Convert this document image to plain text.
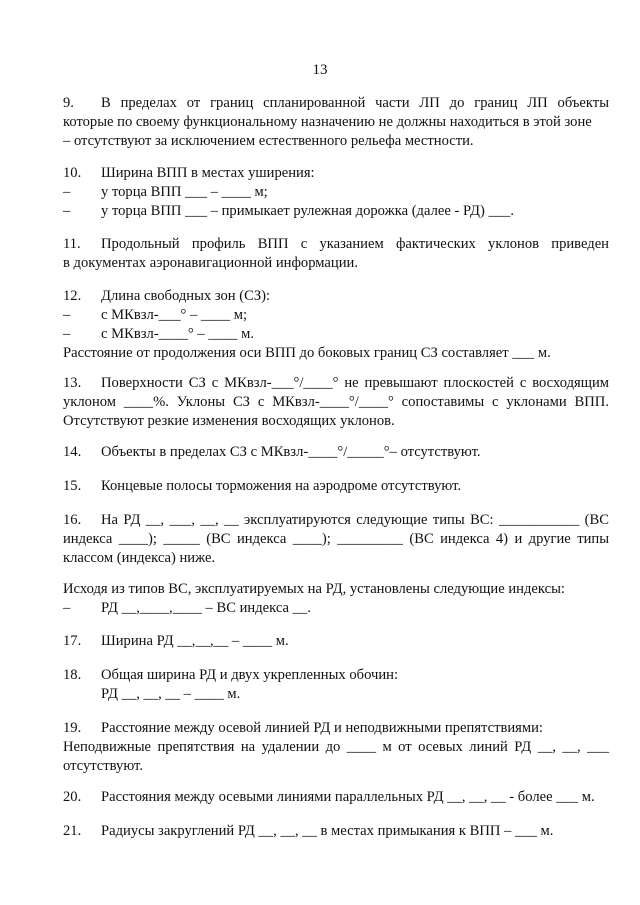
13
9. В пределах от границ спланированной части ЛП до границ ЛП объекты
которые по своему функциональному назначению не должны находиться в этой зоне
– отсутствуют за исключением естественного рельефа местности.
10. Ширина ВПП в местах уширения:
– у торца ВПП ___ – ____ м;
– у торца ВПП ___ – примыкает рулежная дорожка (далее - РД) ___.
11. Продольный профиль ВПП с указанием фактических уклонов приведен
в документах аэронавигационной информации.
12. Длина свободных зон (СЗ):
– с МКвзл-___° – ____ м;
– с МКвзл-____° – ____ м.
Расстояние от продолжения оси ВПП до боковых границ СЗ составляет ___ м.
13. Поверхности СЗ с МКвзл-___°/____° не превышают плоскостей с восходящим
уклоном ____%. Уклоны СЗ с МКвзл-____°/____° сопоставимы с уклонами ВПП.
Отсутствуют резкие изменения восходящих уклонов.
14. Объекты в пределах СЗ с МКвзл-____°/_____°– отсутствуют.
15. Концевые полосы торможения на аэродроме отсутствуют.
16. На РД __, ___, __, __ эксплуатируются следующие типы ВС: ___________ (ВС
индекса ____); _____ (ВС индекса ____); _________ (ВС индекса 4) и другие типы
классом (индекса) ниже.
Исходя из типов ВС, эксплуатируемых на РД, установлены следующие индексы:
– РД __,____,____ – ВС индекса __.
17. Ширина РД __,__,__ – ____ м.
18. Общая ширина РД и двух укрепленных обочин:
РД __, __, __ – ____ м.
19. Расстояние между осевой линией РД и неподвижными препятствиями:
Неподвижные препятствия на удалении до ____ м от осевых линий РД __, __, ___
отсутствуют.
20. Расстояния между осевыми линиями параллельных РД __, __, __ - более ___ м.
21. Радиусы закруглений РД __, __, __ в местах примыкания к ВПП – ___ м.
